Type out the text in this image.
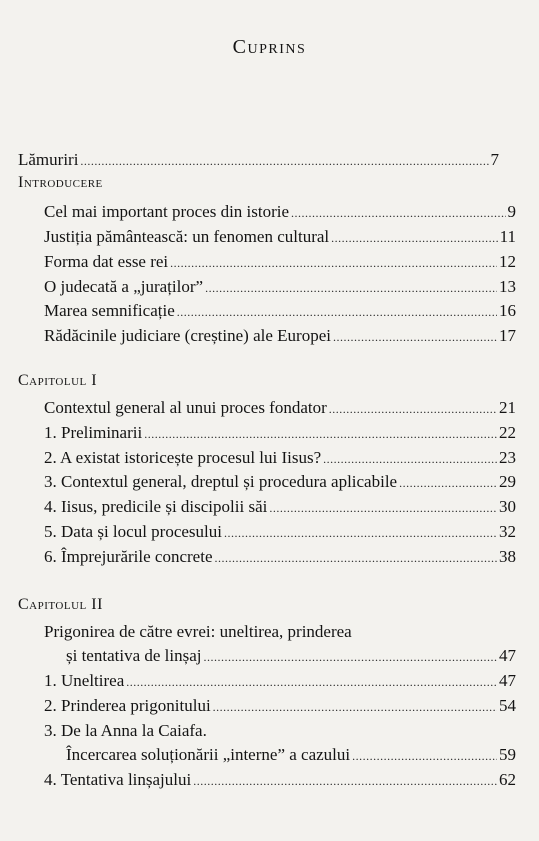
Cuprins
Lămuriri .....	7
Introducere
Cel mai important proces din istorie .....	9
Justiția pământească: un fenomen cultural .....	11
Forma dat esse rei .....	12
O judecată a „juraților” .....	13
Marea semnificație .....	16
Rădăcinile judiciare (creștine) ale Europei .....	17
Capitolul I
Contextul general al unui proces fondator .....	21
1. Preliminarii .....	22
2. A existat istoricește procesul lui Iisus? .....	23
3. Contextul general, dreptul și procedura aplicabile .....	29
4. Iisus, predicile și discipolii săi .....	30
5. Data și locul procesului .....	32
6. Împrejurările concrete .....	38
Capitolul II
Prigonirea de către evrei: uneltirea, prinderea
și tentativa de linșaj .....	47
1. Uneltirea .....	47
2. Prinderea prigonitului .....	54
3. De la Anna la Caiafa.
Încercarea soluționării „interne” a cazului .....	59
4. Tentativa linșajului .....	62
